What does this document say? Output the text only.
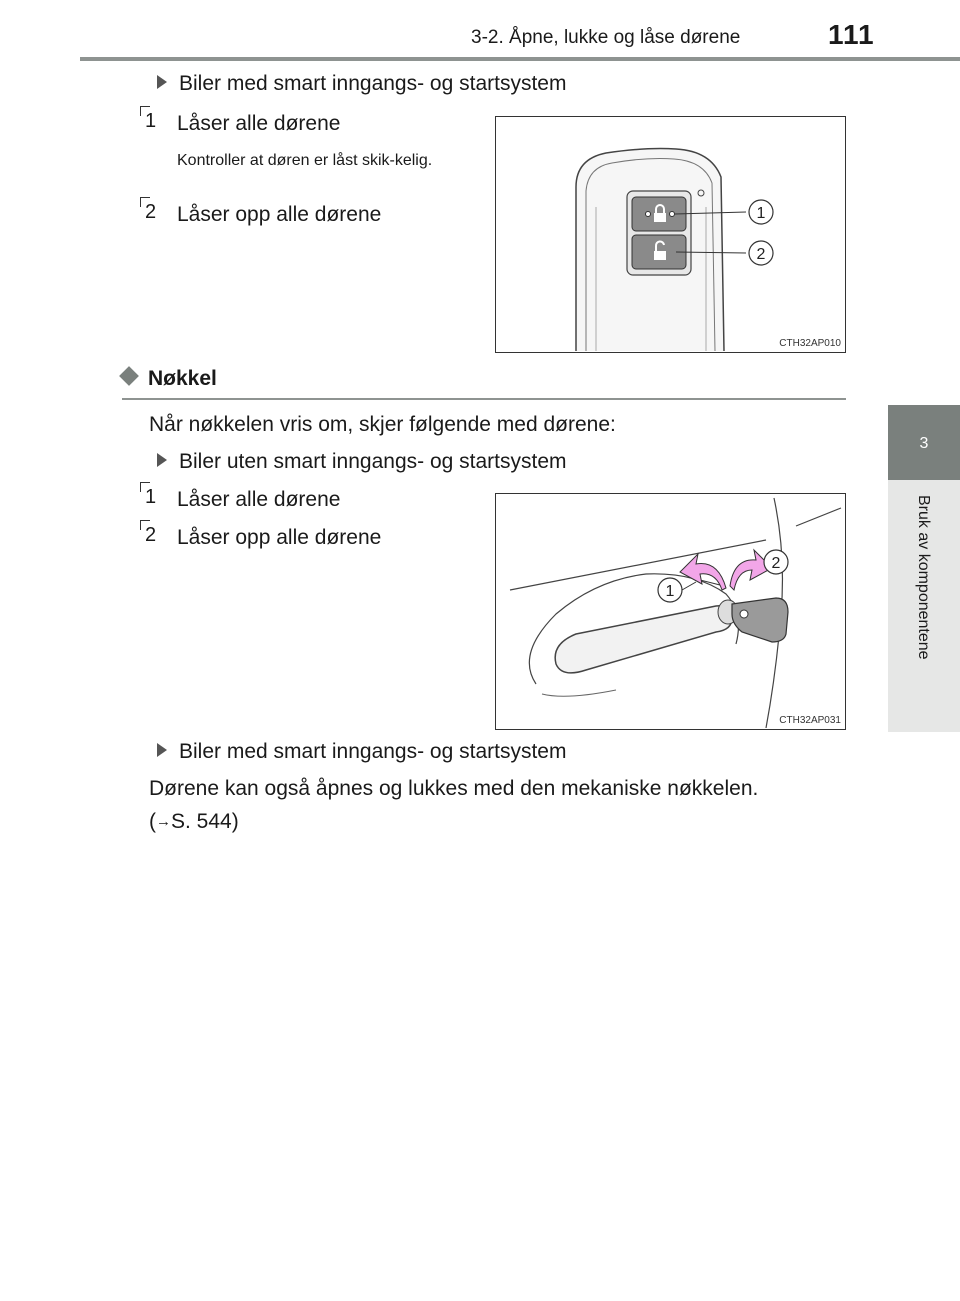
3-2. Åpne, lukke og låse dørene	111
3
Bruk av komponentene
Biler med smart inngangs- og startsystem
1 Låser alle dørene
Kontroller at døren er låst skik-kelig.
2 Låser opp alle dørene	1
2
CTH32AP010
Nøkkel
Når nøkkelen vris om, skjer følgende med dørene:
Biler uten smart inngangs- og startsystem
1 Låser alle dørene
2 Låser opp alle dørene
1
2
CTH32AP031
Biler med smart inngangs- og startsystem
Dørene kan også åpnes og lukkes med den mekaniske nøkkelen.
(→S. 544)
